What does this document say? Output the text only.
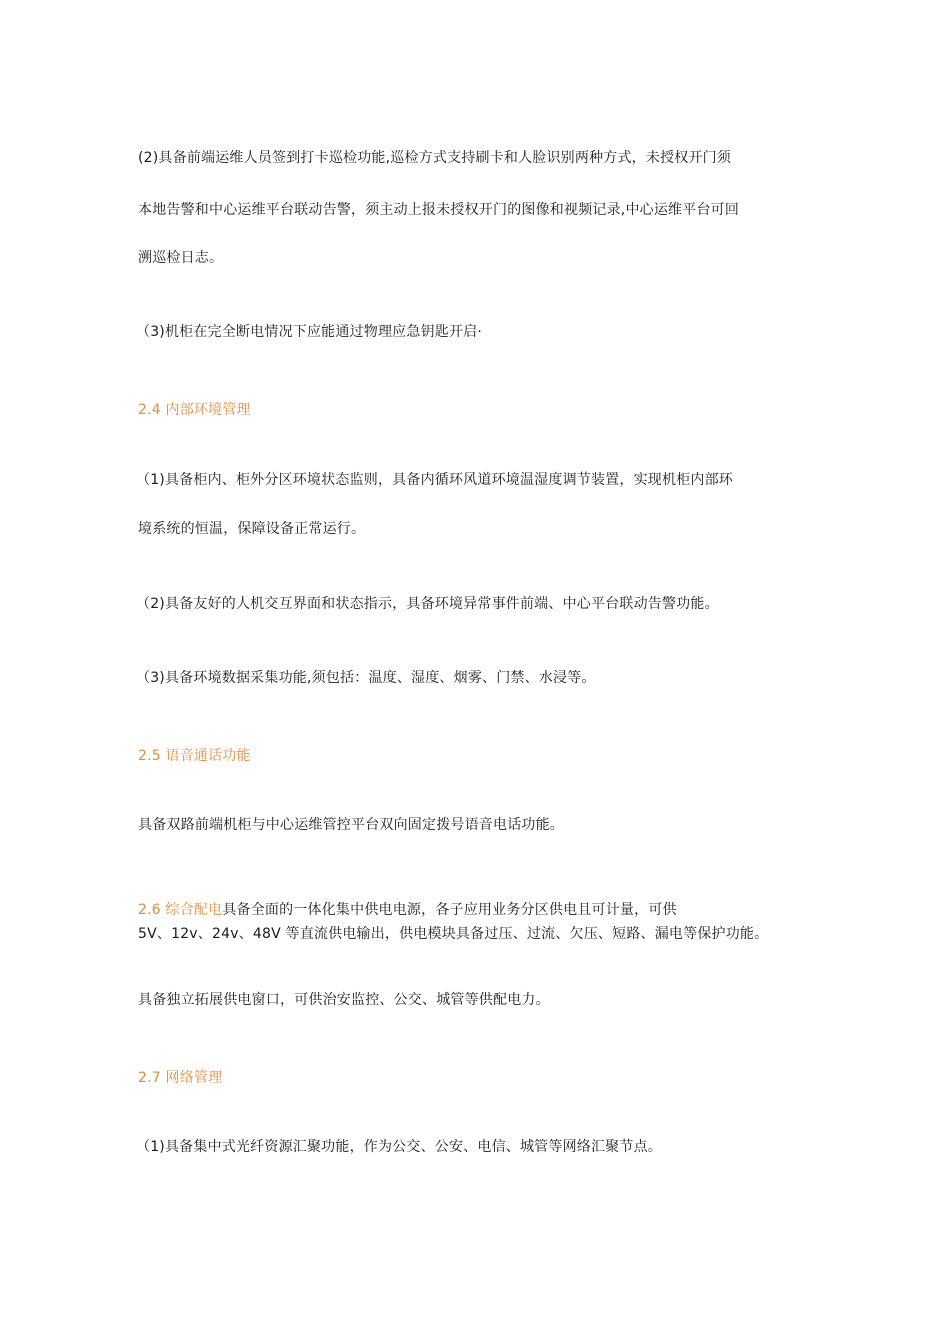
(2)具备前端运维人员签到打卡巡检功能,巡检方式支持刷卡和人脸识别两种方式，未授权开门须
本地告警和中心运维平台联动告警，须主动上报未授权开门的图像和视频记录,中心运维平台可回
溯巡检日志。
（3)机柜在完全断电情况下应能通过物理应急钥匙开启·
2.4 内部环境管理
（1)具备柜内、柜外分区环境状态监则，具备内循环风道环境温湿度调节装置，实现机柜内部环
境系统的恒温，保障设备正常运行。
（2)具备友好的人机交互界面和状态指示，具备环境异常事件前端、中心平台联动告警功能。
（3)具备环境数据采集功能,须包括：温度、湿度、烟雾、门禁、水浸等。
2.5 语音通话功能
具备双路前端机柜与中心运维管控平台双向固定拨号语音电话功能。
2.6 综合配电具备全面的一体化集中供电电源，各子应用业务分区供电且可计量，可供
5V、12v、24v、48V 等直流供电输出，供电模块具备过压、过流、欠压、短路、漏电等保护功能。
具备独立拓展供电窗口，可供治安监控、公交、城管等供配电力。
2.7 网络管理
（1)具备集中式光纤资源汇聚功能，作为公交、公安、电信、城管等网络汇聚节点。
